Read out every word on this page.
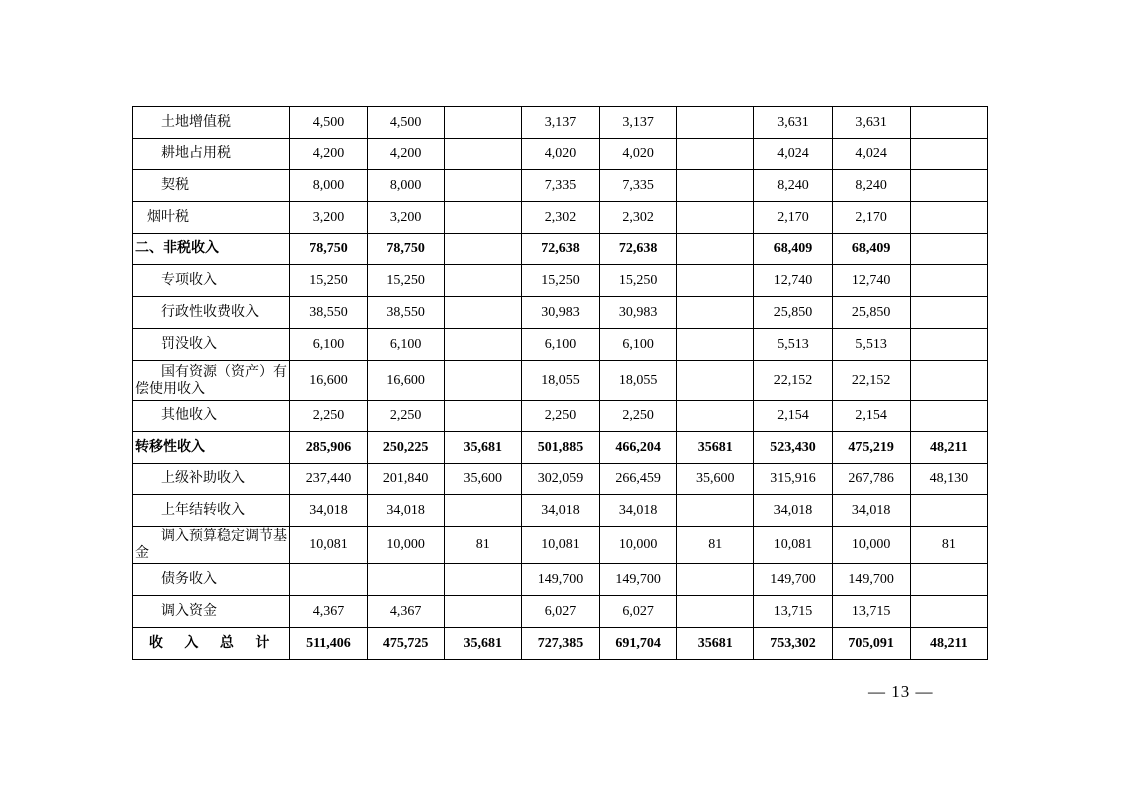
土地增值税	4,500	4,500		3,137	3,137		3,631	3,631	
耕地占用税	4,200	4,200		4,020	4,020		4,024	4,024	
契税	8,000	8,000		7,335	7,335		8,240	8,240	
烟叶税	3,200	3,200		2,302	2,302		2,170	2,170	
二、非税收入	78,750	78,750		72,638	72,638		68,409	68,409	
专项收入	15,250	15,250		15,250	15,250		12,740	12,740	
行政性收费收入	38,550	38,550		30,983	30,983		25,850	25,850	
罚没收入	6,100	6,100		6,100	6,100		5,513	5,513	
国有资源（资产）有偿使用收入	16,600	16,600		18,055	18,055		22,152	22,152	
其他收入	2,250	2,250		2,250	2,250		2,154	2,154	
转移性收入	285,906	250,225	35,681	501,885	466,204	35681	523,430	475,219	48,211
上级补助收入	237,440	201,840	35,600	302,059	266,459	35,600	315,916	267,786	48,130
上年结转收入	34,018	34,018		34,018	34,018		34,018	34,018	
调入预算稳定调节基金	10,081	10,000	81	10,081	10,000	81	10,081	10,000	81
债务收入				149,700	149,700		149,700	149,700	
调入资金	4,367	4,367		6,027	6,027		13,715	13,715	
收 入 总 计	511,406	475,725	35,681	727,385	691,704	35681	753,302	705,091	48,211
— 13 —
